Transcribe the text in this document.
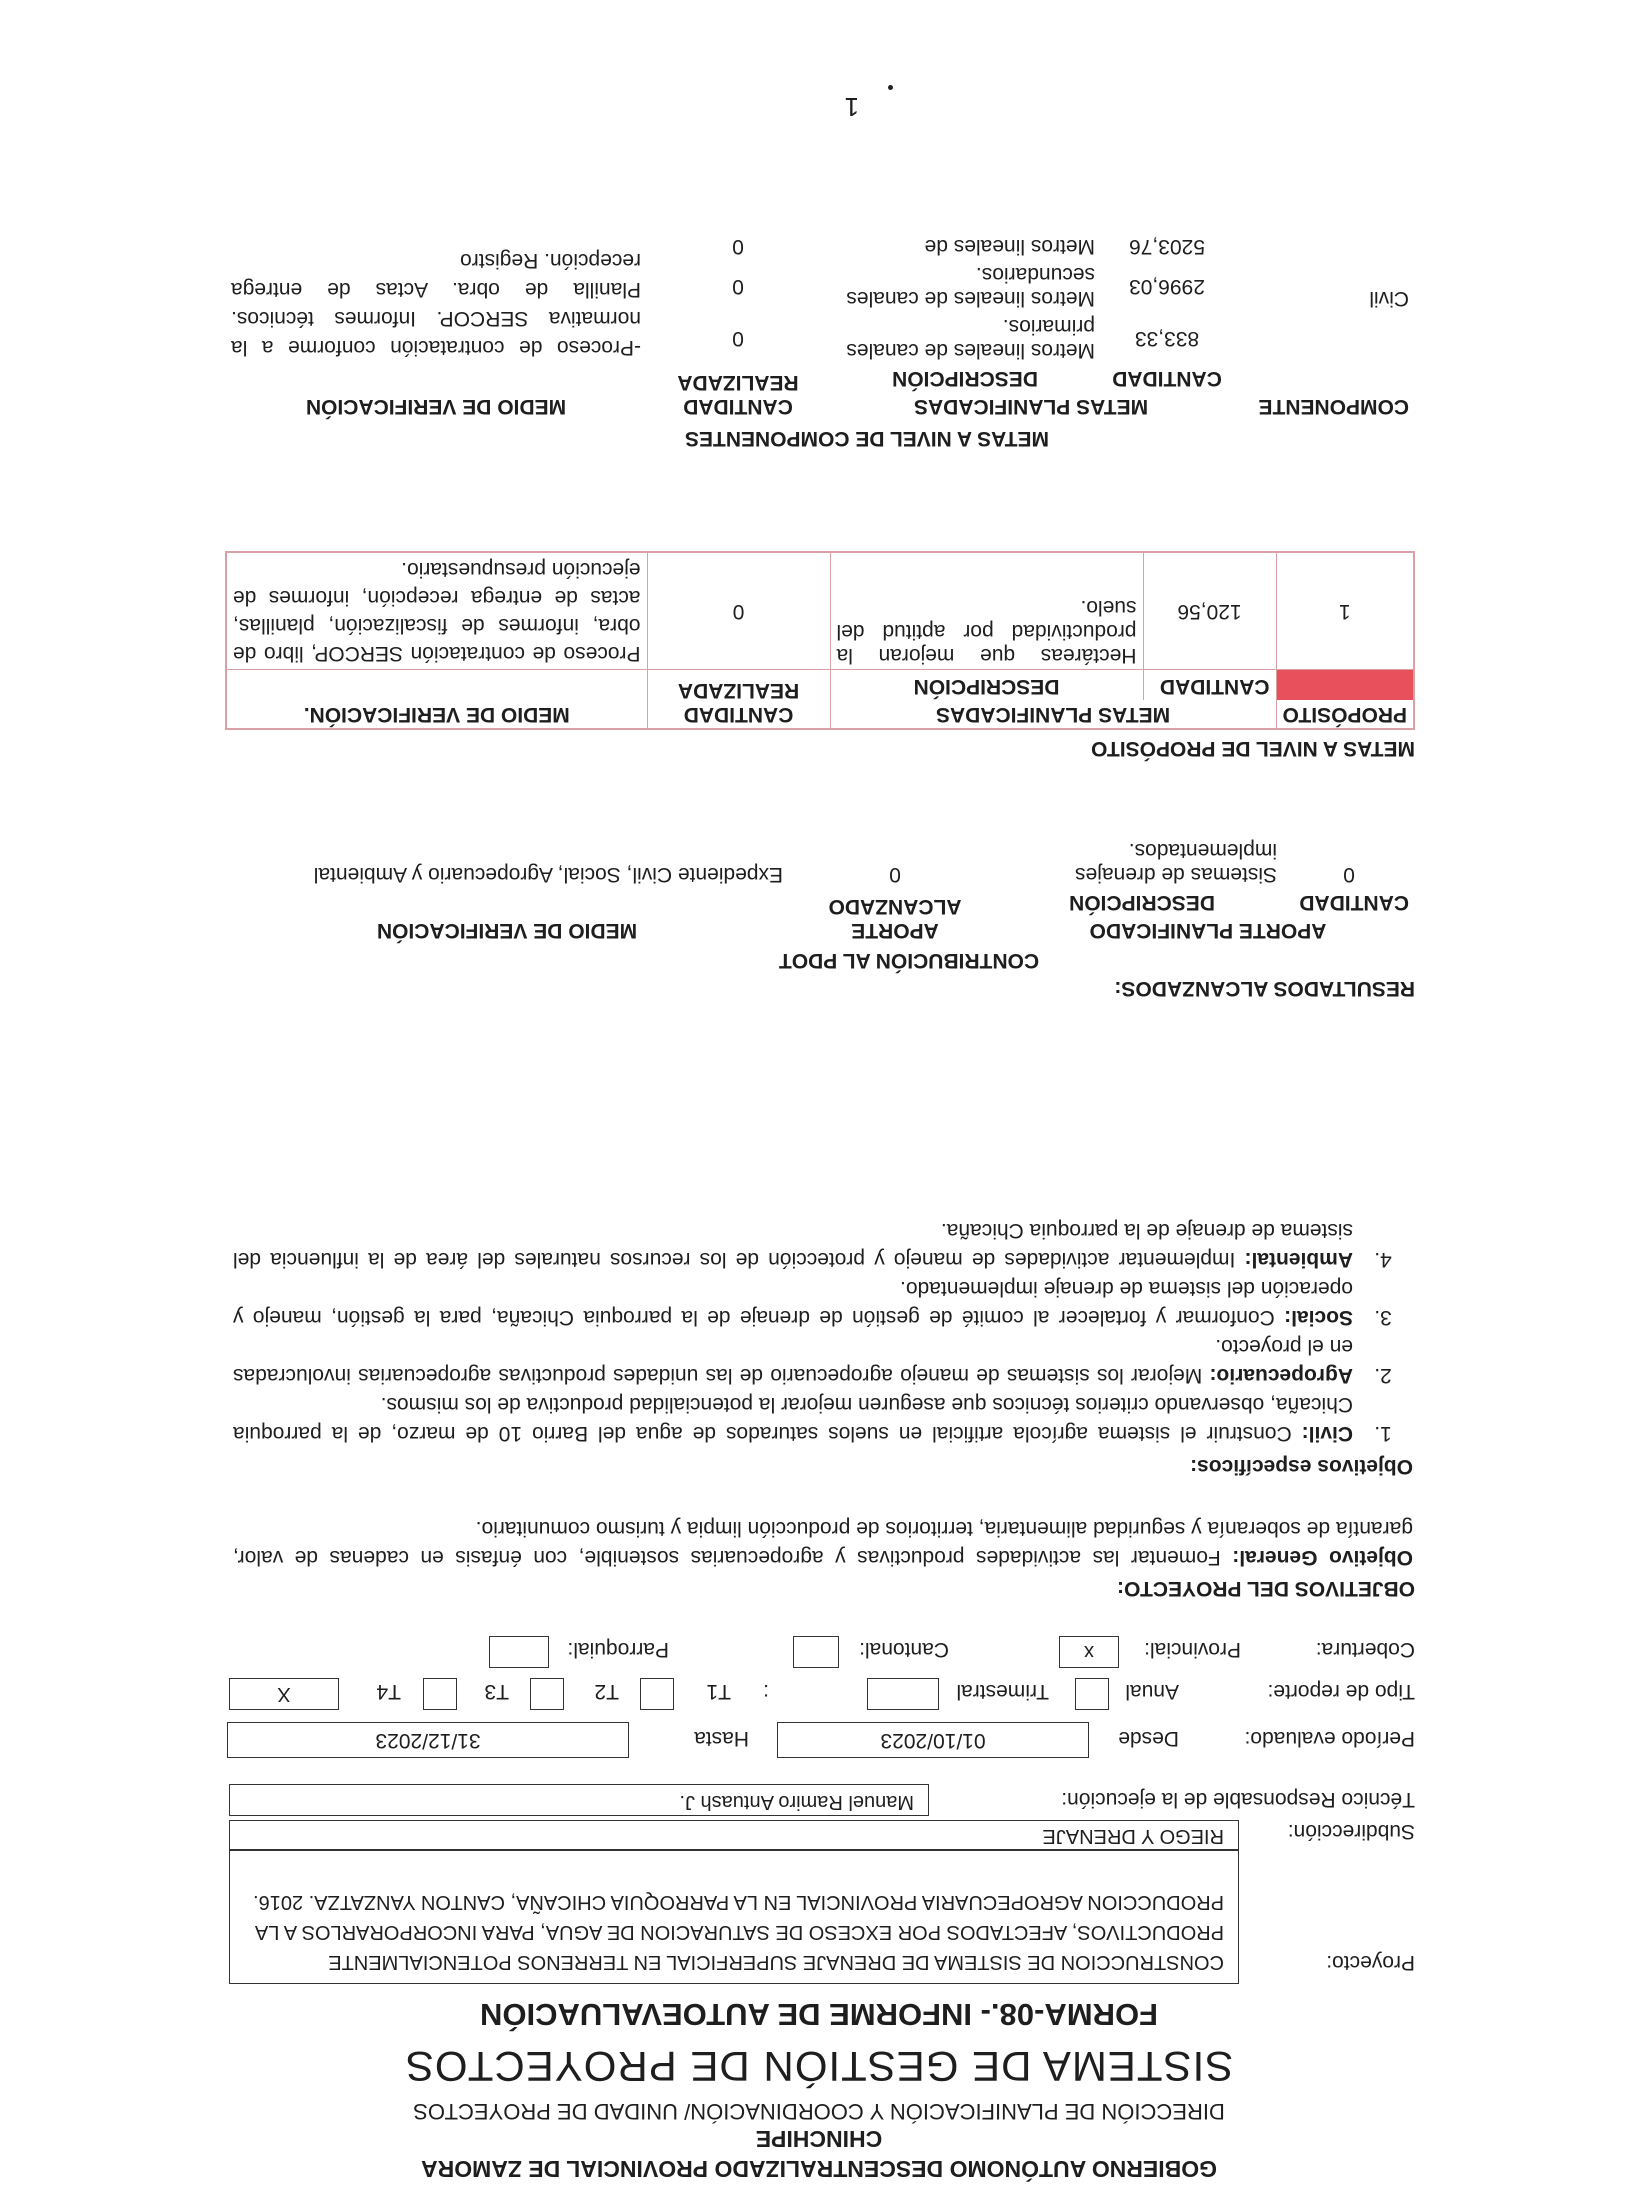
GOBIERNO AUTÓNOMO DESCENTRALIZADO PROVINCIAL DE ZAMORA
CHINCHIPE
DIRECCIÓN DE PLANIFICACIÓN Y COORDINACIÓN/ UNIDAD DE PROYECTOS
SISTEMA DE GESTIÓN DE PROYECTOS
FORMA-08.- INFORME DE AUTOEVALUACIÓN
Proyecto:
CONSTRUCCION DE SISTEMA DE DRENAJE SUPERFICIAL EN TERRENOS POTENCIALMENTE PRODUCTIVOS, AFECTADOS POR EXCESO DE SATURACION DE AGUA, PARA INCORPORARLOS A LA PRODUCCION AGROPECUARIA PROVINCIAL EN LA PARROQUIA CHICAÑA, CANTON YANZATZA. 2016.
Subdirección:
RIEGO Y DRENAJE
Técnico Responsable de la ejecución:
Manuel Ramiro Antuash J.
Período evaluado:
Desde
01/10/2023
Hasta
31/12/2023
Tipo de reporte:
Anual
Trimestral
:
T1
T2
T3
T4
X
Cobertura:
Provincial:
x
Cantonal:
Parroquial:
OBJETIVOS DEL PROYECTO:
Objetivo General: Fomentar las actividades productivas y agropecuarias sostenible, con énfasis en cadenas de valor, garantía de soberanía y seguridad alimentaria, territorios de producción limpia y turismo comunitario.
Objetivos específicos:
1.
Civil: Construir el sistema agrícola artificial en suelos saturados de agua del Barrio 10 de marzo, de la parroquia Chicaña, observando criterios técnicos que aseguren mejorar la potencialidad productiva de los mismos.
2.
Agropecuario: Mejorar los sistemas de manejo agropecuario de las unidades productivas agropecuarias involucradas en el proyecto.
3.
Social: Conformar y fortalecer al comité de gestión de drenaje de la parroquia Chicaña, para la gestión, manejo y operación del sistema de drenaje implementado.
4.
Ambiental: Implementar actividades de manejo y protección de los recursos naturales del área de la influencia del sistema de drenaje de la parroquia Chicaña.
RESULTADOS ALCANZADOS:
CONTRIBUCIÓN AL PDOT
APORTE PLANIFICADO		APORTE ALCANZADO	MEDIO DE VERIFICACIÓN
CANTIDAD	DESCRIPCIÓN		
0	Sistemas de drenajes implementados.	0	Expediente Civil, Social, Agropecuario y Ambiental
METAS A NIVEL DE PROPÓSITO
PROPÓSITO	METAS PLANIFICADAS		CANTIDAD REALIZADA	MEDIO DE VERIFICACIÓN.
	CANTIDAD	DESCRIPCIÓN		
1	120,56	Hectáreas que mejoran la productividad por aptitud del suelo.	0	Proceso de contratación SERCOP, libro de obra, informes de fiscalización, planillas, actas de entrega recepción, informes de ejecución presupuestario.
METAS A NIVEL DE COMPONENTES
COMPONENTE	METAS PLANIFICADAS		CANTIDAD REALIZADA	MEDIO DE VERIFICACIÓN
	CANTIDAD	DESCRIPCIÓN		
Civil	833,33	Metros lineales de canales primarios.	0	-Proceso de contratación conforme a la normativa SERCOP. Informes técnicos. Planilla de obra. Actas de entrega recepción. Registro
	2996,03	Metros lineales de canales secundarios.	0	
	5203,76	Metros lineales de	0	
1
